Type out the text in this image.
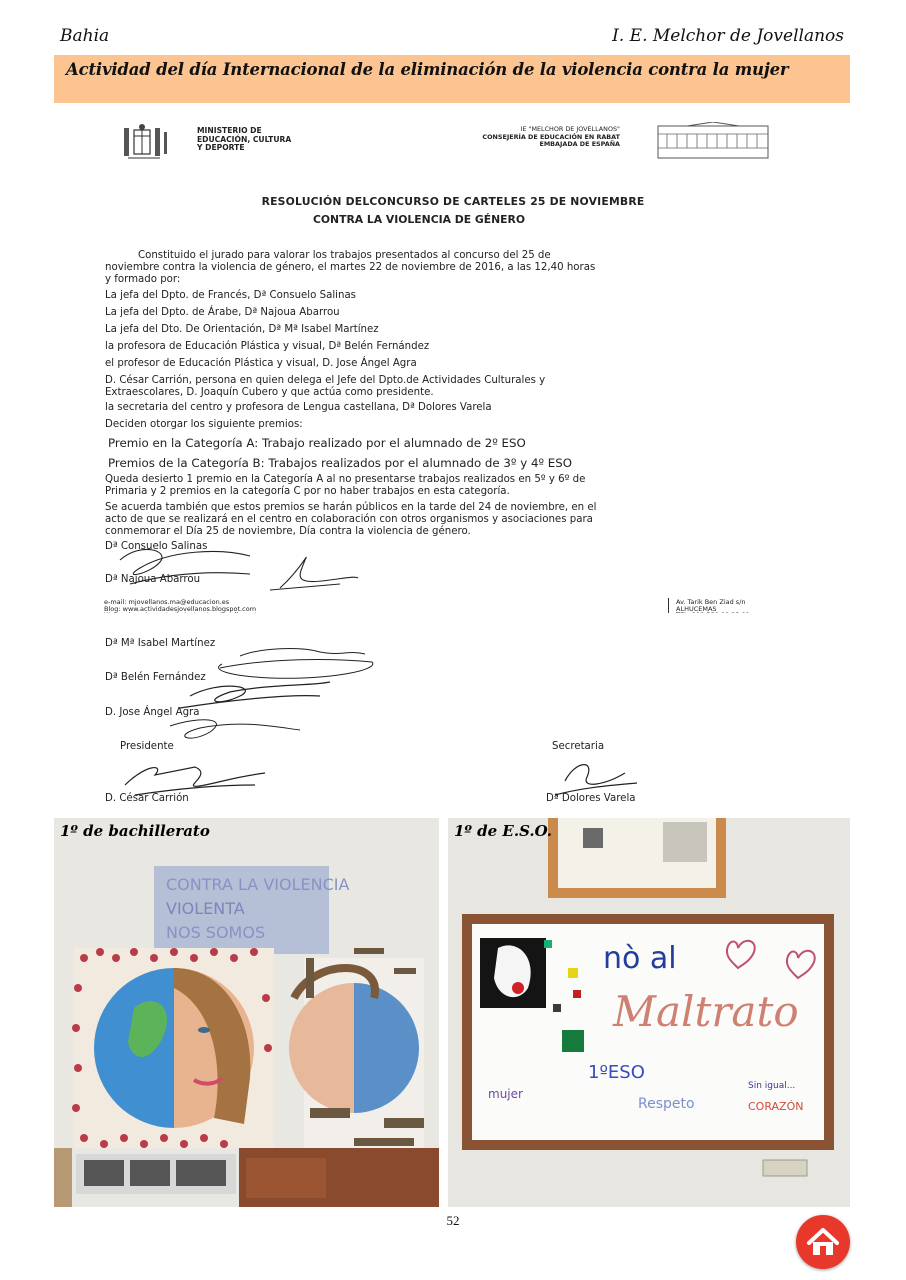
Bahia	I. E. Melchor de Jovellanos
Actividad del día Internacional de la eliminación de la violencia contra la mujer
MINISTERIO DE
EDUCACIÓN, CULTURA
Y DEPORTE
IE "MELCHOR DE JOVELLANOS"
CONSEJERÍA DE EDUCACIÓN EN RABAT
EMBAJADA DE ESPAÑA
RESOLUCIÓN DELCONCURSO DE CARTELES 25 DE NOVIEMBRE
CONTRA LA VIOLENCIA DE GÉNERO
Constituido el jurado para valorar los trabajos presentados al concurso del 25 de
noviembre contra la violencia de género, el martes 22 de noviembre de 2016, a las 12,40 horas
y formado por:
La jefa del Dpto. de Francés, Dª Consuelo Salinas
La jefa del Dpto. de Árabe, Dª Najoua Abarrou
La jefa del Dto. De Orientación, Dª Mª Isabel Martínez
la profesora de Educación Plástica y visual, Dª Belén Fernández
el profesor de Educación Plástica y visual, D. Jose Ángel Agra
D. César Carrión, persona en quien delega el Jefe del Dpto.de Actividades Culturales y
Extraescolares, D. Joaquín Cubero y que actúa como presidente.
la secretaria del centro y profesora de Lengua castellana, Dª Dolores Varela
Deciden otorgar los siguiente premios:
Premio en la Categoría A: Trabajo realizado por el alumnado de 2º ESO
Premios de la Categoría B: Trabajos realizados por el alumnado de 3º y 4º ESO
Queda desierto 1 premio en la Categoría A al no presentarse trabajos realizados en 5º y 6º de
Primaria y 2 premios en la categoría C por no haber trabajos en esta categoría.
Se acuerda también que estos premios se harán públicos en la tarde del 24 de noviembre, en el
acto de que se realizará en el centro en colaboración con otros organismos y asociaciones para
conmemorar el Día 25 de noviembre, Día contra la violencia de género.
Dª Consuelo Salinas
Dª Najoua Abarrou
e-mail: mjovellanos.ma@educacion.es
Blog: www.actividadesjovellanos.blogspot.com
Av. Tarik Ben Ziad s/n
ALHUCEMAS
Dª Mª Isabel Martínez
Dª Belén Fernández
D. Jose Ángel Agra
Presidente	Secretaria
D. César Carrión	Dª Dolores Varela
CONTRA LA VIOLENCIA
VIOLENTA
NOS SOMOS
1º de bachillerato
nò al
Maltrato
mujer
1ºESO
Respeto
Sin igual...
CORAZÓN
1º de E.S.O.
52
